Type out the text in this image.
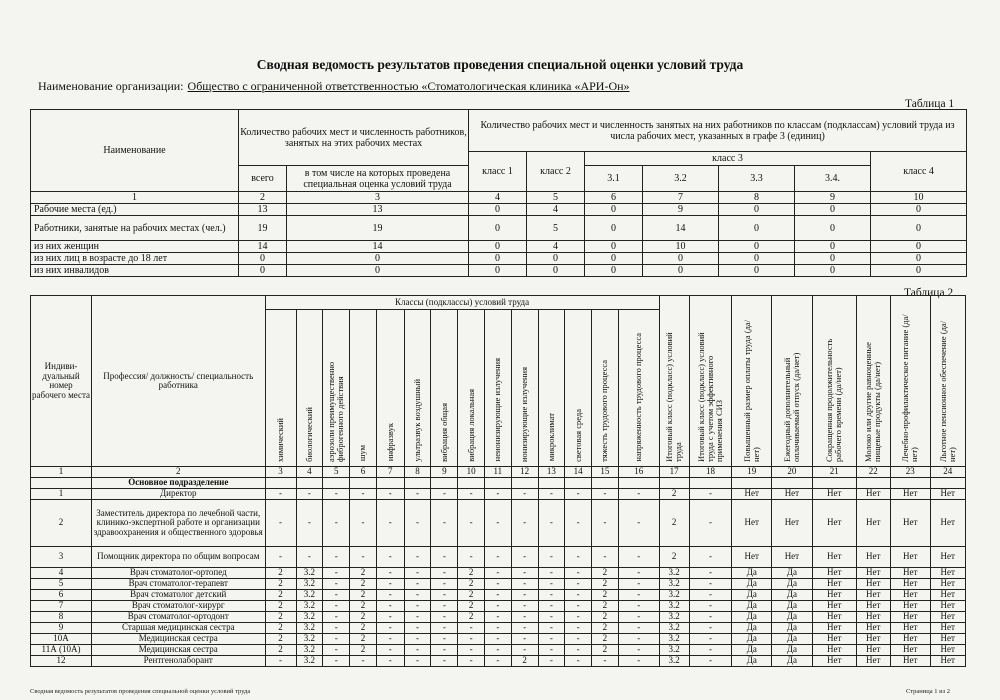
Сводная ведомость результатов проведения специальной оценки условий труда
Наименование организации: Общество с ограниченной ответственностью «Стоматологическая клиника «АРИ-Он»
Таблица 1
Наименование	Количество рабочих мест и численность работников, занятых на этих рабочих местах		Количество рабочих мест и численность занятых на них работников по классам (подклассам) условий труда из числа рабочих мест, указанных в графе 3 (единиц)						
			класс 1	класс 2	класс 3				класс 4
	всего	в том числе на которых проведена специальная оценка условий труда			3.1	3.2	3.3	3.4.	
1	2	3	4	5	6	7	8	9	10
Рабочие места (ед.)	13	13	0	4	0	9	0	0	0
Работники, занятые на рабочих местах (чел.)	19	19	0	5	0	14	0	0	0
из них женщин	14	14	0	4	0	10	0	0	0
из них лиц в возрасте до 18 лет	0	0	0	0	0	0	0	0	0
из них инвалидов	0	0	0	0	0	0	0	0	0
Таблица 2
Индиви-дуальный номер рабочего места	Профессия/ должность/ специальность работника	Классы (подклассы) условий труда														Итоговый класс (подкласс) условий труда	Итоговый класс (подкласс) условий труда с учетом эффективного применения СИЗ	Повышенный размер оплаты труда (да/нет)	Ежегодный дополнительный оплачиваемый отпуск (да/нет)	Сокращенная продолжительность рабочего времени (да/нет)	Молоко или другие равноценные пищевые продукты (да/нет)	Лечебно-профилактическое питание (да/нет)	Льготное пенсионное обеспечение (да/нет)
		химический	биологический	аэрозоли преимущественно фиброгенного действия	шум	инфразвук	ультразвук воздушный	вибрация общая	вибрация локальная	неионизирующие излучения	ионизирующие излучения	микроклимат	световая среда	тяжесть трудового процесса	напряженность трудового процесса								
1	2	3	4	5	6	7	8	9	10	11	12	13	14	15	16	17	18	19	20	21	22	23	24
	Основное подразделение																						
1	Директор	-	-	-	-	-	-	-	-	-	-	-	-	-	-	2	-	Нет	Нет	Нет	Нет	Нет	Нет
2	Заместитель директора по лечебной части, клинико-экспертной работе и организации здравоохранения и общественного здоровья	-	-	-	-	-	-	-	-	-	-	-	-	-	-	2	-	Нет	Нет	Нет	Нет	Нет	Нет
3	Помощник директора по общим вопросам	-	-	-	-	-	-	-	-	-	-	-	-	-	-	2	-	Нет	Нет	Нет	Нет	Нет	Нет
4	Врач стоматолог-ортопед	2	3.2	-	2	-	-	-	2	-	-	-	-	2	-	3.2	-	Да	Да	Нет	Нет	Нет	Нет
5	Врач стоматолог-терапевт	2	3.2	-	2	-	-	-	2	-	-	-	-	2	-	3.2	-	Да	Да	Нет	Нет	Нет	Нет
6	Врач стоматолог детский	2	3.2	-	2	-	-	-	2	-	-	-	-	2	-	3.2	-	Да	Да	Нет	Нет	Нет	Нет
7	Врач стоматолог-хирург	2	3.2	-	2	-	-	-	2	-	-	-	-	2	-	3.2	-	Да	Да	Нет	Нет	Нет	Нет
8	Врач стоматолог-ортодонт	2	3.2	-	2	-	-	-	2	-	-	-	-	2	-	3.2	-	Да	Да	Нет	Нет	Нет	Нет
9	Старшая медицинская сестра	2	3.2	-	2	-	-	-	-	-	-	-	-	2	-	3.2	-	Да	Да	Нет	Нет	Нет	Нет
10А	Медицинская сестра	2	3.2	-	2	-	-	-	-	-	-	-	-	2	-	3.2	-	Да	Да	Нет	Нет	Нет	Нет
11А (10А)	Медицинская сестра	2	3.2	-	2	-	-	-	-	-	-	-	-	2	-	3.2	-	Да	Да	Нет	Нет	Нет	Нет
12	Рентгенолаборант	-	3.2	-	-	-	-	-	-	-	2	-	-	-	-	3.2	-	Да	Да	Нет	Нет	Нет	Нет
Сводная ведомость результатов проведения специальной оценки условий труда	Страница 1 из 2
